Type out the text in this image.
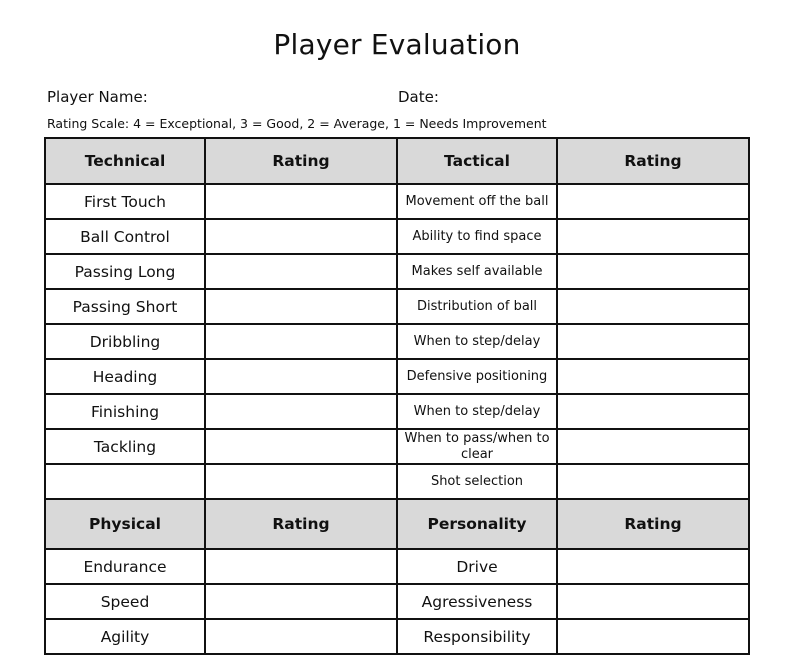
Player Evaluation
Player Name:	Date:
Rating Scale: 4 = Exceptional, 3 = Good, 2 = Average, 1 = Needs Improvement
Technical	Rating	Tactical	Rating
First Touch		Movement off the ball	
Ball Control		Ability to find space	
Passing Long		Makes self available	
Passing Short		Distribution of ball	
Dribbling		When to step/delay	
Heading		Defensive positioning	
Finishing		When to step/delay	
Tackling		When to pass/when to clear	
		Shot selection	
Physical	Rating	Personality	Rating
Endurance		Drive	
Speed		Agressiveness	
Agility		Responsibility	
